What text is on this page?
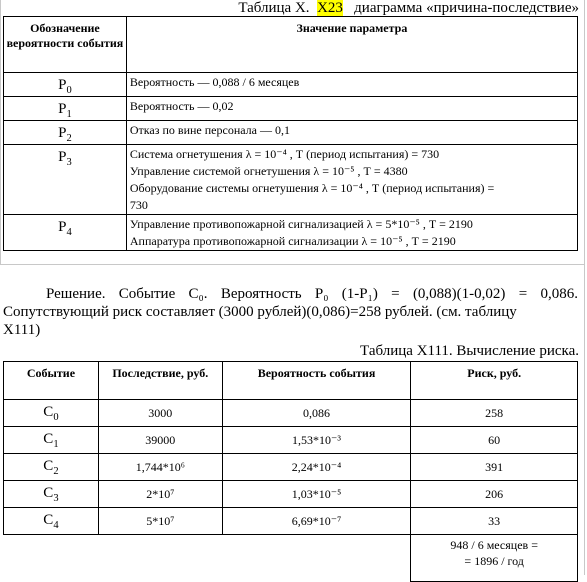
Таблица Х. Х23 диаграмма «причина-последствие»
Обозначение вероятности события	Значение параметра
$P_0$	Вероятность — 0,088 / 6 месяцев

$P_1$	Вероятность — 0,02

$P_2$	Отказ по вине персонала — 0,1

$P_3$	Система огнетушения λ = 10⁻⁴ , Т (период испытания) = 730
Управление системой огнетушения λ = 10⁻⁵ , Т = 4380
Оборудование системы огнетушения λ = 10⁻⁴ , Т (период испытания) =
730

$P_4$	Управление противопожарной сигнализацией λ = 5*10⁻⁵ , Т = 2190
Аппаратура противопожарной сигнализации λ = 10⁻⁵ , Т = 2190
Решение. Событие С₀. Вероятность Р₀ (1-Р₁) = (0,088)(1-0,02) = 0,086.
Сопутствующий риск составляет (3000 рублей)(0,086)=258 рублей. (см. таблицу
Х111)
Таблица Х111. Вычисление риска.
Событие	Последствие, руб.	Вероятность события	Риск, руб.
$C_0$	3000	0,086	258
$C_1$	39000	1,53*10⁻³	60
$C_2$	1,744*10⁶	2,24*10⁻⁴	391
$C_3$	2*10⁷	1,03*10⁻⁵	206
$C_4$	5*10⁷	6,69*10⁻⁷	33

			948 / 6 месяцев =
= 1896 / год
